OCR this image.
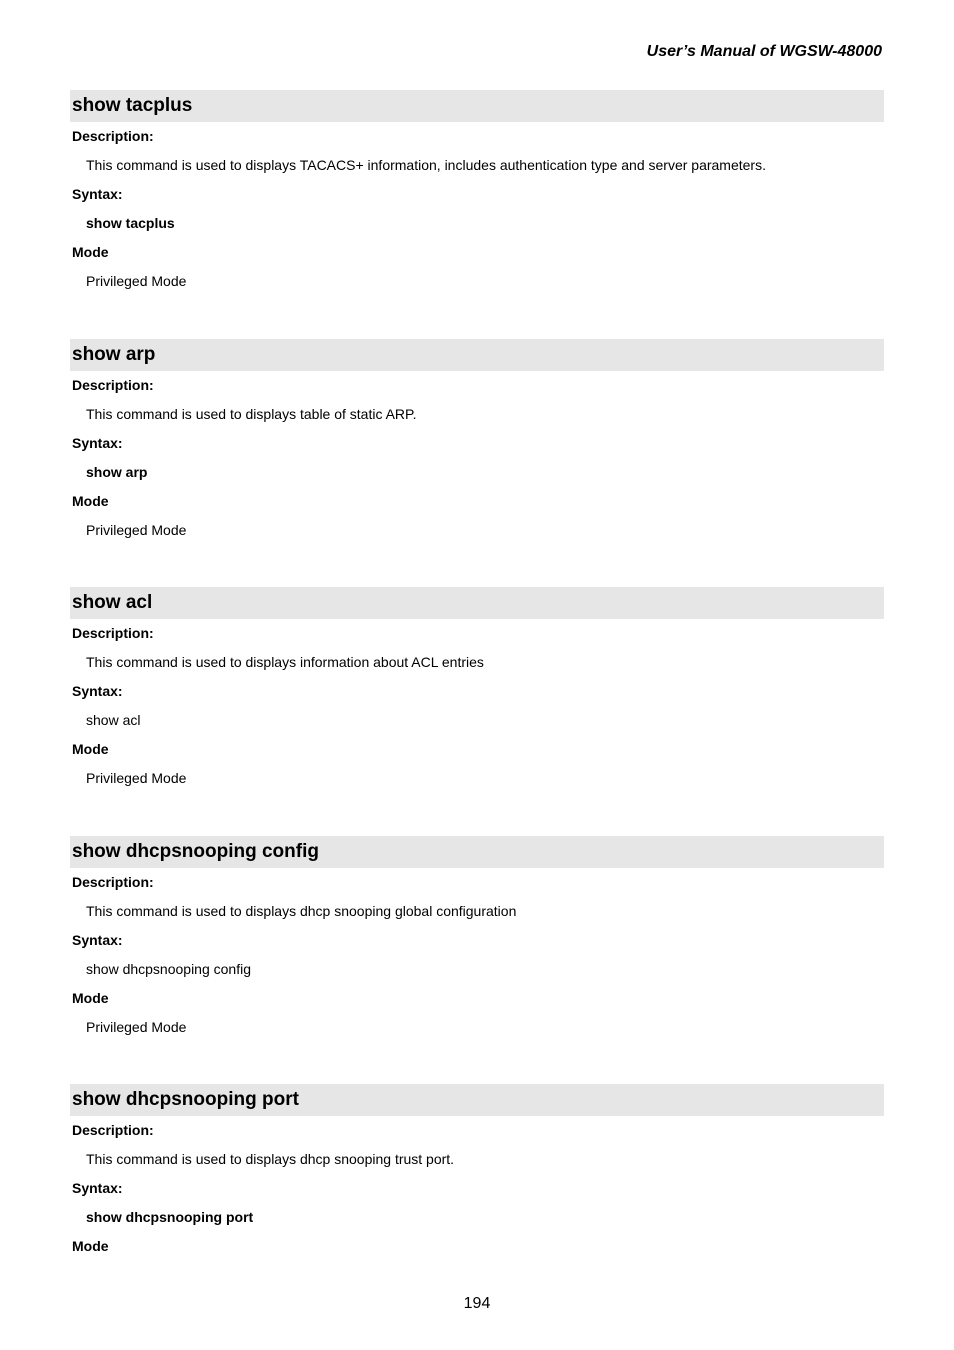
User’s Manual of WGSW-48000
show tacplus
Description:
This command is used to displays TACACS+ information, includes authentication type and server parameters.
Syntax:
show tacplus
Mode
Privileged Mode
show arp
Description:
This command is used to displays table of static ARP.
Syntax:
show arp
Mode
Privileged Mode
show acl
Description:
This command is used to displays information about ACL entries
Syntax:
show acl
Mode
Privileged Mode
show dhcpsnooping config
Description:
This command is used to displays dhcp snooping global configuration
Syntax:
show dhcpsnooping config
Mode
Privileged Mode
show dhcpsnooping port
Description:
This command is used to displays dhcp snooping trust port.
Syntax:
show dhcpsnooping port
Mode
194
